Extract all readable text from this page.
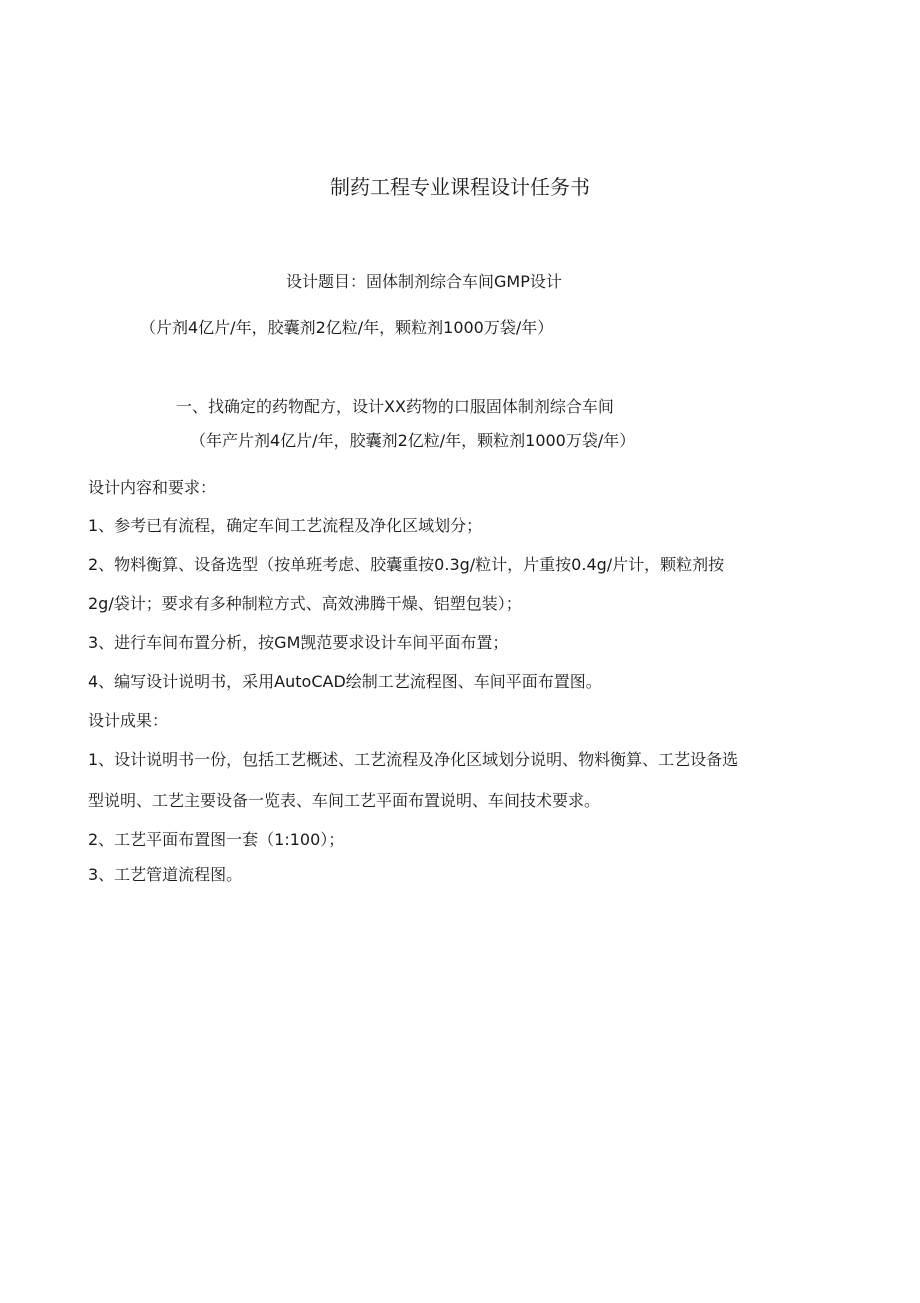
制药工程专业课程设计任务书
设计题目：固体制剂综合车间GMP设计
（片剂4亿片/年，胶囊剂2亿粒/年，颗粒剂1000万袋/年）
一、找确定的药物配方，设计XX药物的口服固体制剂综合车间
（年产片剂4亿片/年，胶囊剂2亿粒/年，颗粒剂1000万袋/年）
设计内容和要求：
1、参考已有流程，确定车间工艺流程及净化区域划分；
2、物料衡算、设备选型（按单班考虑、胶囊重按0.3g/粒计，片重按0.4g/片计，颗粒剂按
2g/袋计；要求有多种制粒方式、高效沸腾干燥、铝塑包装）；
3、进行车间布置分析，按GM觊范要求设计车间平面布置；
4、编写设计说明书，采用AutoCAD绘制工艺流程图、车间平面布置图。
设计成果：
1、设计说明书一份，包括工艺概述、工艺流程及净化区域划分说明、物料衡算、工艺设备选
型说明、工艺主要设备一览表、车间工艺平面布置说明、车间技术要求。
2、工艺平面布置图一套（1:100）；
3、工艺管道流程图。
